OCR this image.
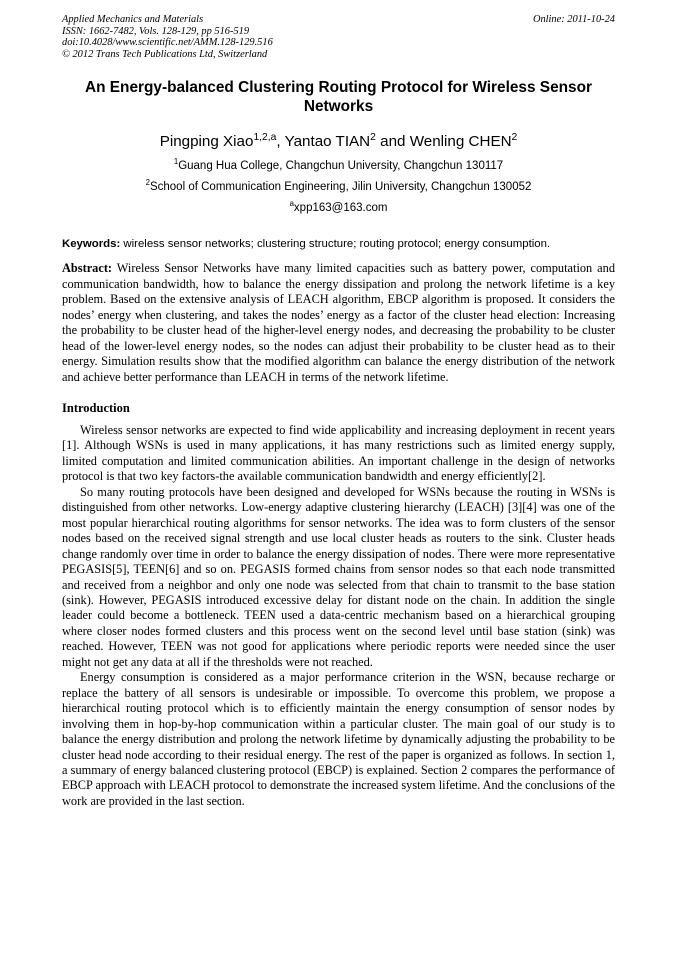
Applied Mechanics and Materials
ISSN: 1662-7482, Vols. 128-129, pp 516-519
doi:10.4028/www.scientific.net/AMM.128-129.516
© 2012 Trans Tech Publications Ltd, Switzerland
Online: 2011-10-24
An Energy-balanced Clustering Routing Protocol for Wireless Sensor Networks
Pingping Xiao$^{1,2,a}$, Yantao TIAN$^2$ and Wenling CHEN$^2$
$^1$Guang Hua College, Changchun University, Changchun 130117
$^2$School of Communication Engineering, Jilin University, Changchun 130052
$^a$xpp163@163.com
Keywords: wireless sensor networks; clustering structure; routing protocol; energy consumption.
Abstract: Wireless Sensor Networks have many limited capacities such as battery power, computation and communication bandwidth, how to balance the energy dissipation and prolong the network lifetime is a key problem. Based on the extensive analysis of LEACH algorithm, EBCP algorithm is proposed. It considers the nodes’ energy when clustering, and takes the nodes’ energy as a factor of the cluster head election: Increasing the probability to be cluster head of the higher-level energy nodes, and decreasing the probability to be cluster head of the lower-level energy nodes, so the nodes can adjust their probability to be cluster head as to their energy. Simulation results show that the modified algorithm can balance the energy distribution of the network and achieve better performance than LEACH in terms of the network lifetime.
Introduction

Wireless sensor networks are expected to find wide applicability and increasing deployment in recent years [1]. Although WSNs is used in many applications, it has many restrictions such as limited energy supply, limited computation and limited communication abilities. An important challenge in the design of networks protocol is that two key factors-the available communication bandwidth and energy efficiently[2].

So many routing protocols have been designed and developed for WSNs because the routing in WSNs is distinguished from other networks. Low-energy adaptive clustering hierarchy (LEACH) [3][4] was one of the most popular hierarchical routing algorithms for sensor networks. The idea was to form clusters of the sensor nodes based on the received signal strength and use local cluster heads as routers to the sink. Cluster heads change randomly over time in order to balance the energy dissipation of nodes. There were more representative PEGASIS[5], TEEN[6] and so on. PEGASIS formed chains from sensor nodes so that each node transmitted and received from a neighbor and only one node was selected from that chain to transmit to the base station (sink). However, PEGASIS introduced excessive delay for distant node on the chain. In addition the single leader could become a bottleneck. TEEN used a data-centric mechanism based on a hierarchical grouping where closer nodes formed clusters and this process went on the second level until base station (sink) was reached. However, TEEN was not good for applications where periodic reports were needed since the user might not get any data at all if the thresholds were not reached.

Energy consumption is considered as a major performance criterion in the WSN, because recharge or replace the battery of all sensors is undesirable or impossible. To overcome this problem, we propose a hierarchical routing protocol which is to efficiently maintain the energy consumption of sensor nodes by involving them in hop-by-hop communication within a particular cluster. The main goal of our study is to balance the energy distribution and prolong the network lifetime by dynamically adjusting the probability to be cluster head node according to their residual energy. The rest of the paper is organized as follows. In section 1, a summary of energy balanced clustering protocol (EBCP) is explained. Section 2 compares the performance of EBCP approach with LEACH protocol to demonstrate the increased system lifetime. And the conclusions of the work are provided in the last section.
